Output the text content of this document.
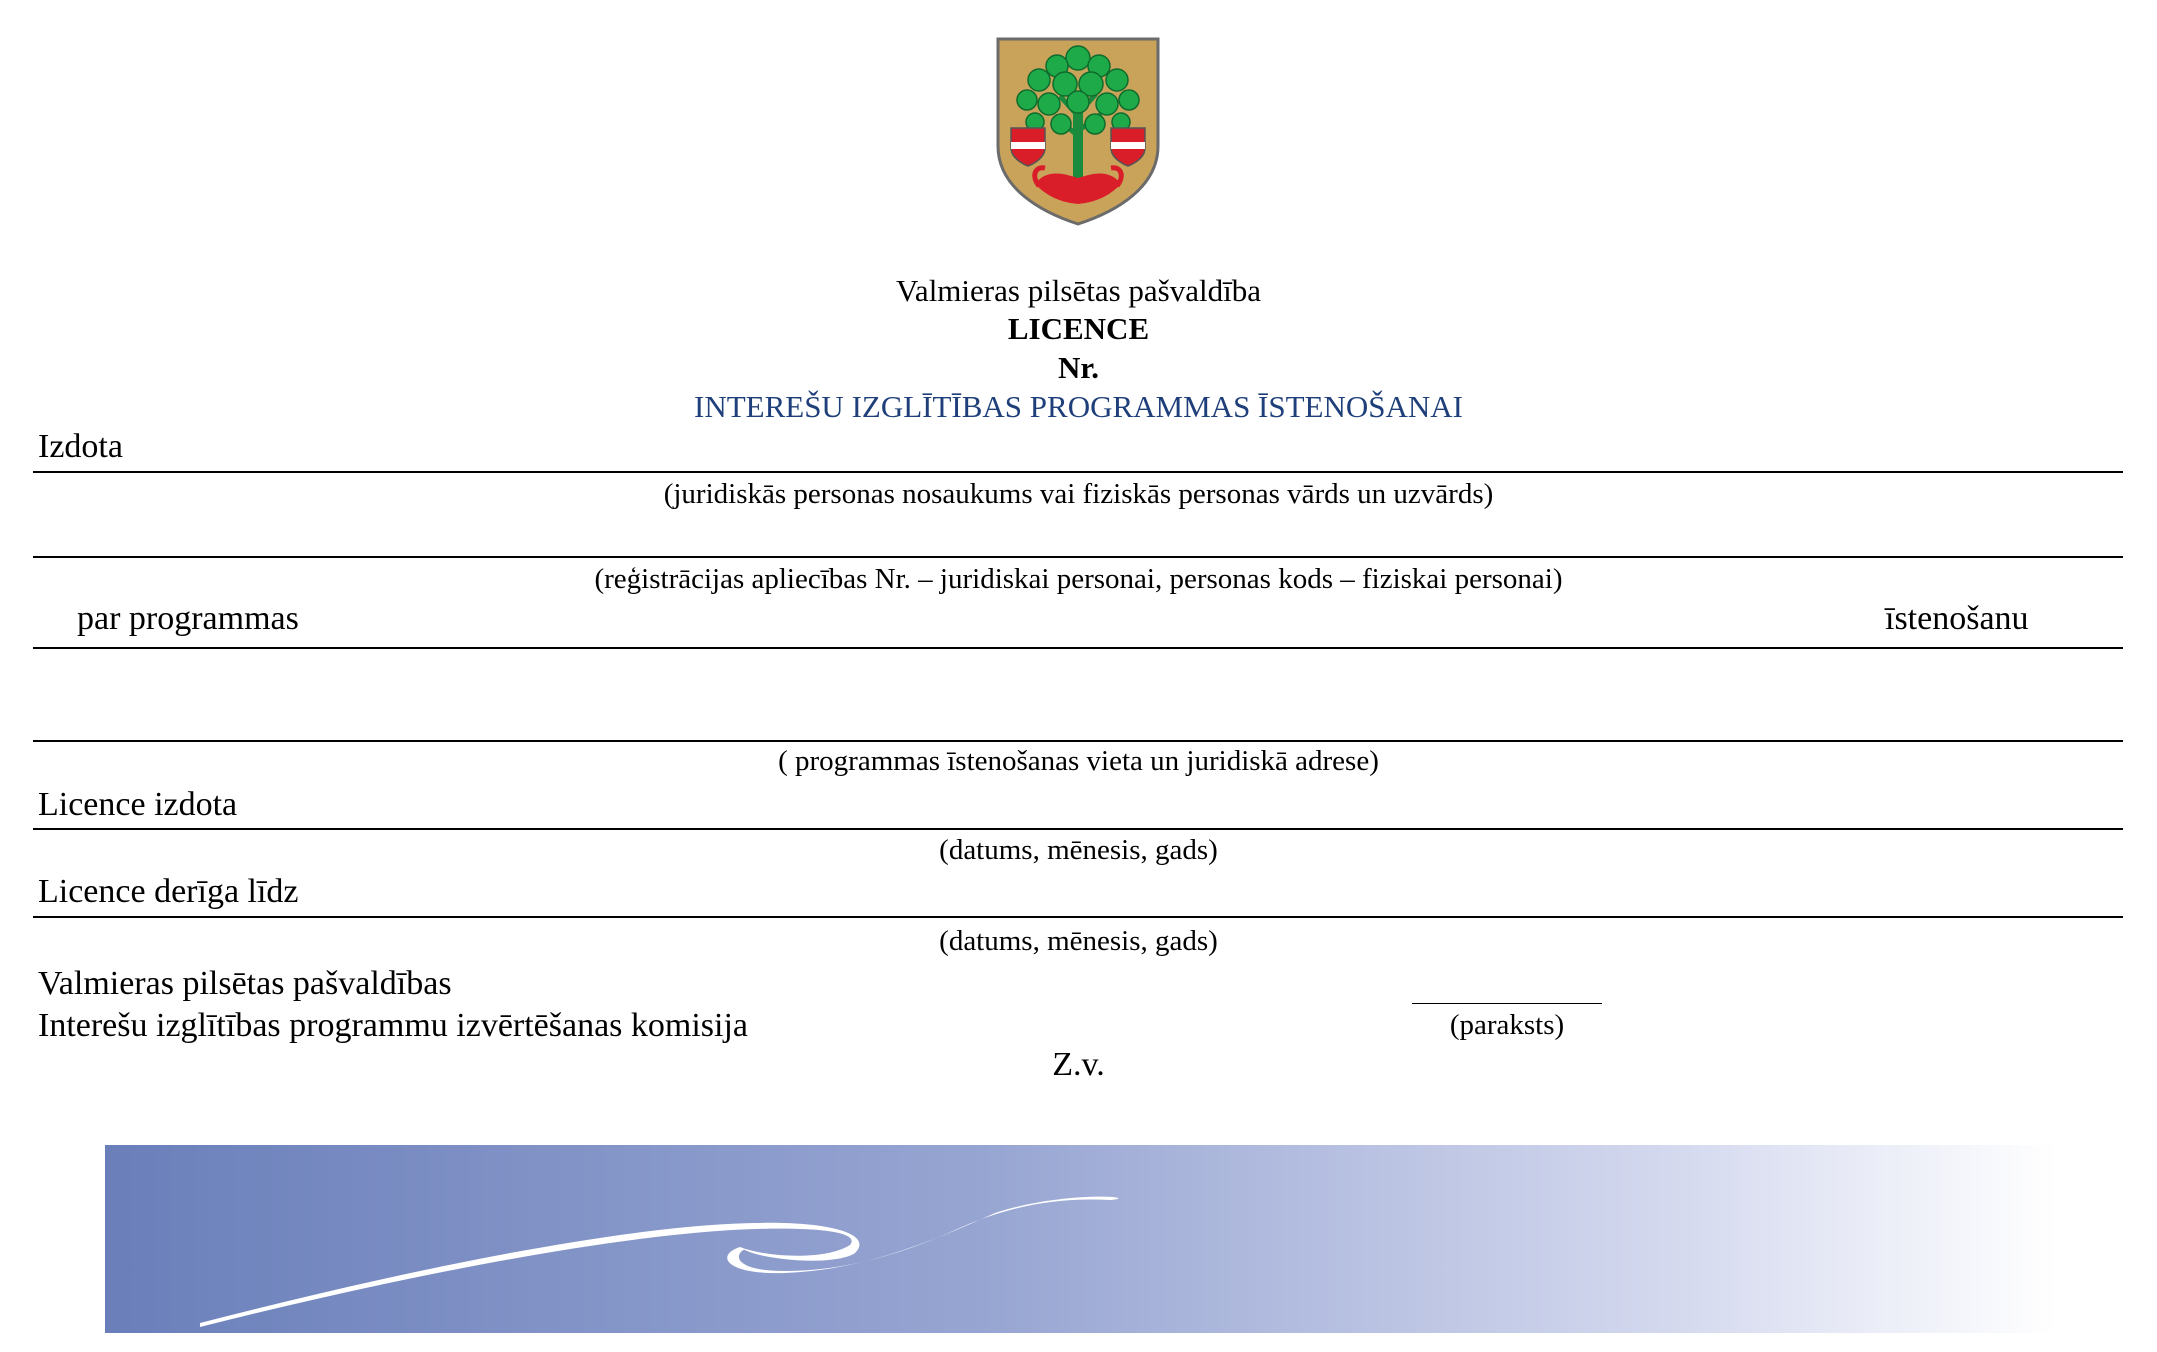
Valmieras pilsētas pašvaldība
LICENCE
Nr.
INTEREŠU IZGLĪTĪBAS PROGRAMMAS ĪSTENOŠANAI
Izdota
(juridiskās personas nosaukums vai fiziskās personas vārds un uzvārds)
(reģistrācijas apliecības Nr. – juridiskai personai, personas kods – fiziskai personai)
par programmas	īstenošanu
( programmas īstenošanas vieta un juridiskā adrese)
Licence izdota
(datums, mēnesis, gads)
Licence derīga līdz
(datums, mēnesis, gads)
Valmieras pilsētas pašvaldības
Interešu izglītības programmu izvērtēšanas komisija	(paraksts)
Z.v.
